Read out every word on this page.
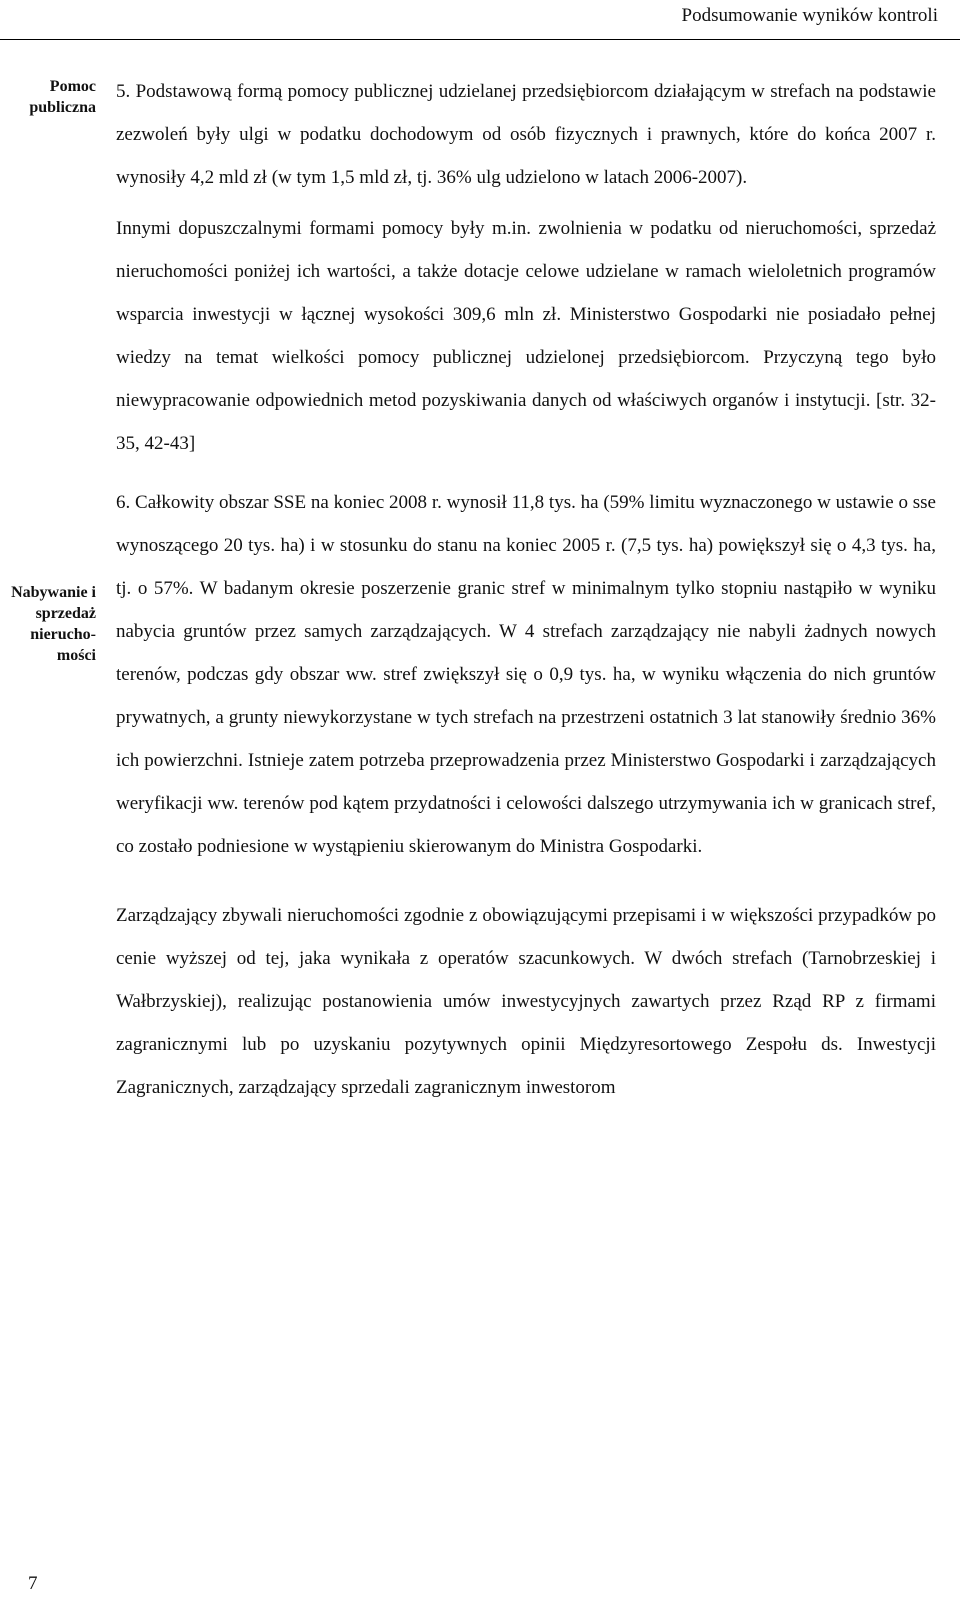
Podsumowanie wyników kontroli
Pomoc publiczna
Nabywanie i sprzedaż nierucho-mości

5. Podstawową formą pomocy publicznej udzielanej przedsiębiorcom działającym w strefach na podstawie zezwoleń były ulgi w podatku dochodowym od osób fizycznych i prawnych, które do końca 2007 r. wynosiły 4,2 mld zł (w tym 1,5 mld zł, tj. 36% ulg udzielono w latach 2006-2007).

Innymi dopuszczalnymi formami pomocy były m.in. zwolnienia w podatku od nieruchomości, sprzedaż nieruchomości poniżej ich wartości, a także dotacje celowe udzielane w ramach wieloletnich programów wsparcia inwestycji w łącznej wysokości 309,6 mln zł. Ministerstwo Gospodarki nie posiadało pełnej wiedzy na temat wielkości pomocy publicznej udzielonej przedsiębiorcom. Przyczyną tego było niewypracowanie odpowiednich metod pozyskiwania danych od właściwych organów i instytucji. [str. 32-35, 42-43]

6. Całkowity obszar SSE na koniec 2008 r. wynosił 11,8 tys. ha (59% limitu wyznaczonego w ustawie o sse wynoszącego 20 tys. ha) i w stosunku do stanu na koniec 2005 r. (7,5 tys. ha) powiększył się o 4,3 tys. ha, tj. o 57%. W badanym okresie poszerzenie granic stref w minimalnym tylko stopniu nastąpiło w wyniku nabycia gruntów przez samych zarządzających. W 4 strefach zarządzający nie nabyli żadnych nowych terenów, podczas gdy obszar ww. stref zwiększył się o 0,9 tys. ha, w wyniku włączenia do nich gruntów prywatnych, a grunty niewykorzystane w tych strefach na przestrzeni ostatnich 3 lat stanowiły średnio 36% ich powierzchni. Istnieje zatem potrzeba przeprowadzenia przez Ministerstwo Gospodarki i zarządzających weryfikacji ww. terenów pod kątem przydatności i celowości dalszego utrzymywania ich w granicach stref, co zostało podniesione w wystąpieniu skierowanym do Ministra Gospodarki.

Zarządzający zbywali nieruchomości zgodnie z obowiązującymi przepisami i w większości przypadków po cenie wyższej od tej, jaka wynikała z operatów szacunkowych. W dwóch strefach (Tarnobrzeskiej i Wałbrzyskiej), realizując postanowienia umów inwestycyjnych zawartych przez Rząd RP z firmami zagranicznymi lub po uzyskaniu pozytywnych opinii Międzyresortowego Zespołu ds. Inwestycji Zagranicznych, zarządzający sprzedali zagranicznym inwestorom

7
